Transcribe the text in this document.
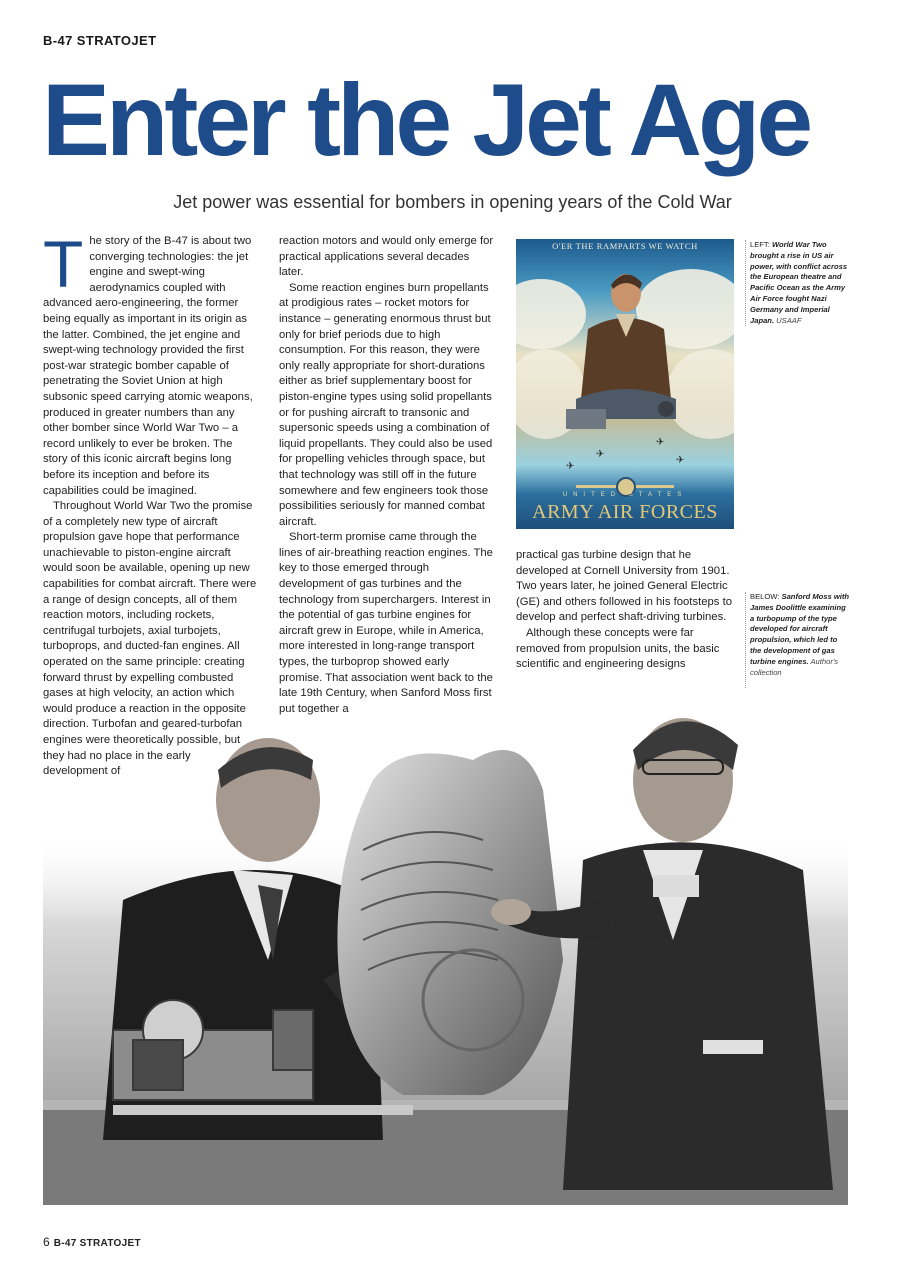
B-47 STRATOJET
Enter the Jet Age
Jet power was essential for bombers in opening years of the Cold War

The story of the B-47 is about two converging technologies: the jet engine and swept-wing aerodynamics coupled with advanced aero-engineering, the former being equally as important in its origin as the latter. Combined, the jet engine and swept-wing technology provided the first post-war strategic bomber capable of penetrating the Soviet Union at high subsonic speed carrying atomic weapons, produced in greater numbers than any other bomber since World War Two – a record unlikely to ever be broken. The story of this iconic aircraft begins long before its inception and before its capabilities could be imagined.

Throughout World War Two the promise of a completely new type of aircraft propulsion gave hope that performance unachievable to piston-engine aircraft would soon be available, opening up new capabilities for combat aircraft. There were a range of design concepts, all of them reaction motors, including rockets, centrifugal turbojets, axial turbojets, turboprops, and ducted-fan engines. All operated on the same principle: creating forward thrust by expelling combusted gases at high velocity, an action which would produce a reaction in the opposite direction. Turbofan and geared-turbofan engines were theoretically possible, but they had no place in the early development of

reaction motors and would only emerge for practical applications several decades later.

Some reaction engines burn propellants at prodigious rates – rocket motors for instance – generating enormous thrust but only for brief periods due to high consumption. For this reason, they were only really appropriate for short-durations either as brief supplementary boost for piston-engine types using solid propellants or for pushing aircraft to transonic and supersonic speeds using a combination of liquid propellants. They could also be used for propelling vehicles through space, but that technology was still off in the future somewhere and few engineers took those possibilities seriously for manned combat aircraft.

Short-term promise came through the lines of air-breathing reaction engines. The key to those emerged through development of gas turbines and the technology from superchargers. Interest in the potential of gas turbine engines for aircraft grew in Europe, while in America, more interested in long-range transport types, the turboprop showed early promise. That association went back to the late 19th Century, when Sanford Moss first put together a

O'ER THE RAMPARTS WE WATCH
✈
✈
✈
✈
UNITED STATES
ARMY AIR FORCES
LEFT: World War Two brought a rise in US air power, with conflict across the European theatre and Pacific Ocean as the Army Air Force fought Nazi Germany and Imperial Japan. USAAF

practical gas turbine design that he developed at Cornell University from 1901. Two years later, he joined General Electric (GE) and others followed in his footsteps to develop and perfect shaft-driving turbines.

Although these concepts were far removed from propulsion units, the basic scientific and engineering designs

BELOW: Sanford Moss with James Doolittle examining a turbopump of the type developed for aircraft propulsion, which led to the development of gas turbine engines. Author's collection
6 B-47 STRATOJET
